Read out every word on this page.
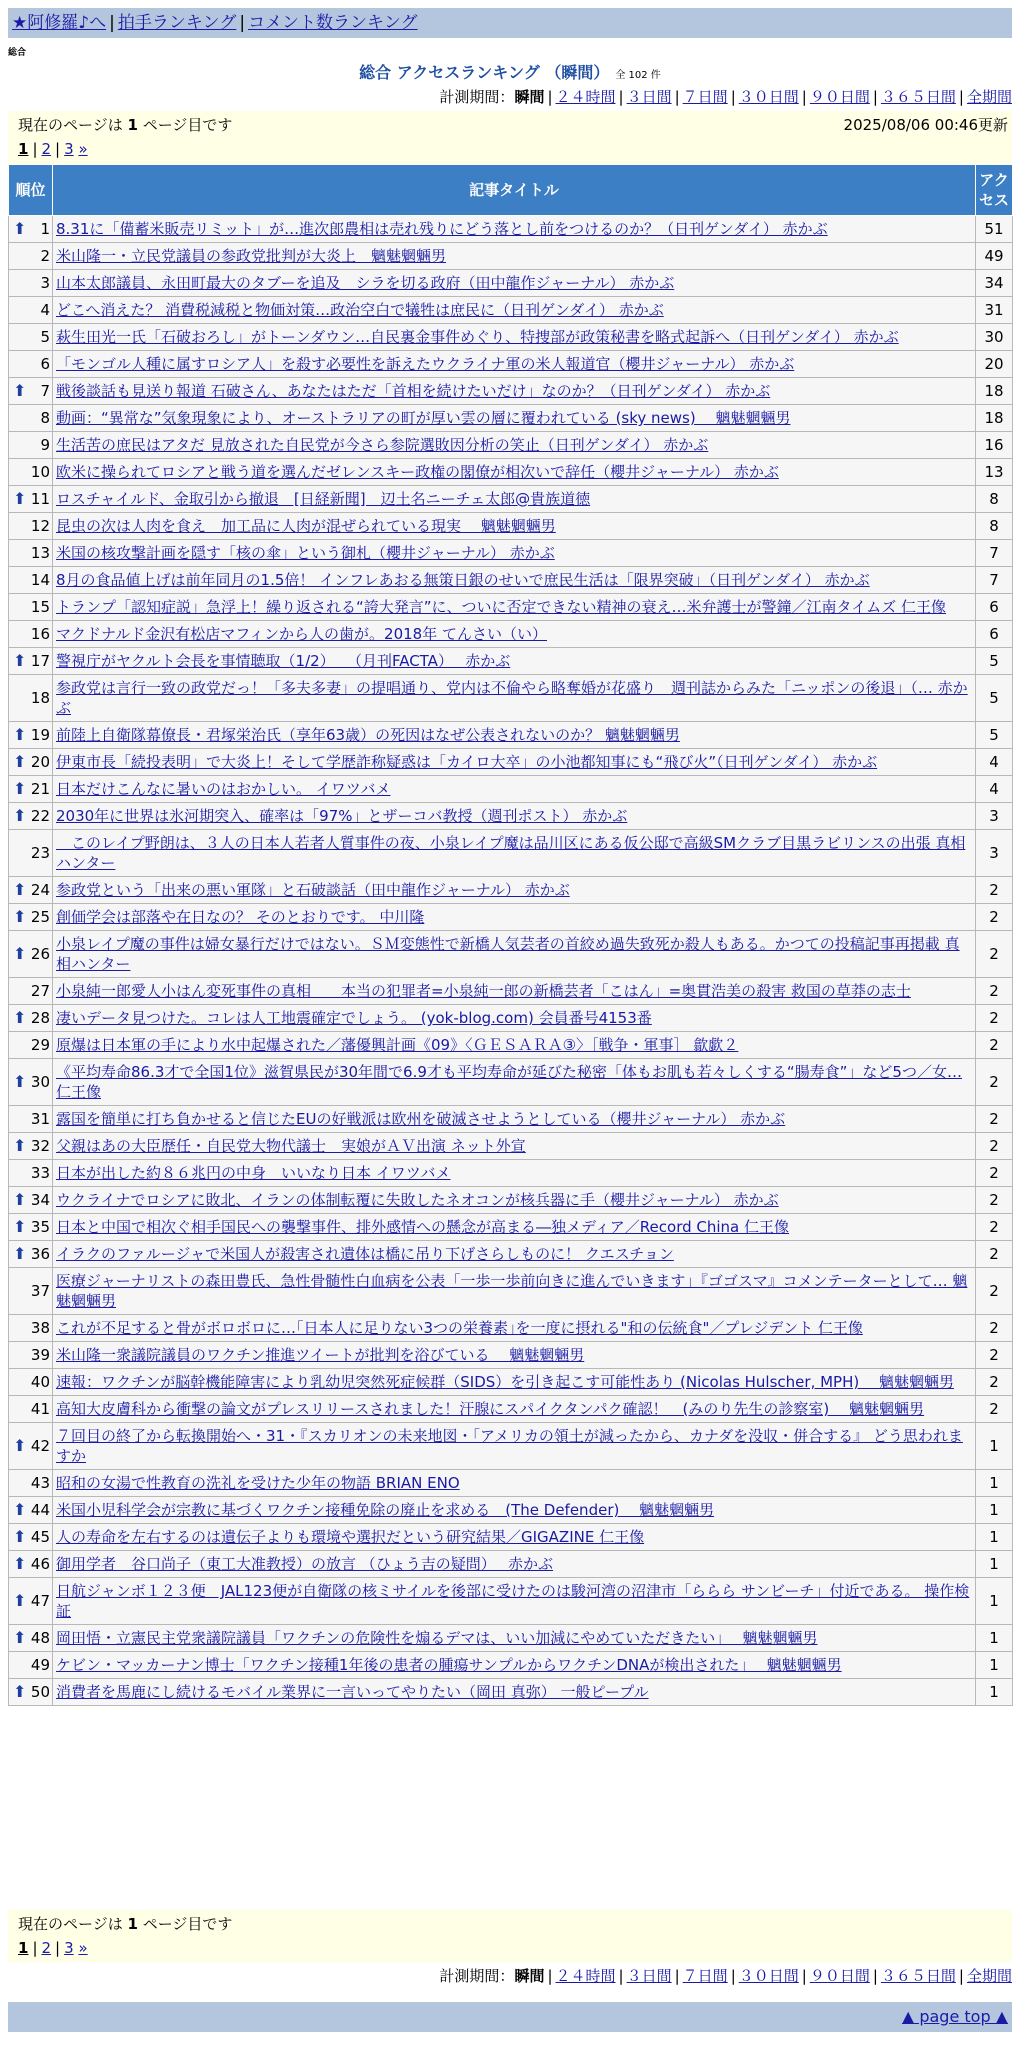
★阿修羅♪へ | 拍手ランキング | コメント数ランキング
総合
総合 アクセスランキング （瞬間） 全 102 件
計測期間：瞬間 | ２４時間 | ３日間 | ７日間 | ３０日間 | ９０日間 | ３６５日間 | 全期間
現在のページは 1 ページ目です	2025/08/06 00:46更新
1 | 2 | 3 »
順位	記事タイトル	アクセス

⬆ 1	8.31に「備蓄米販売リミット」が…進次郎農相は売れ残りにどう落とし前をつけるのか？（日刊ゲンダイ） 赤かぶ	51
2	米山隆一・立民党議員の参政党批判が大炎上　魑魅魍魎男	49
3	山本太郎議員、永田町最大のタブーを追及　シラを切る政府（田中龍作ジャーナル） 赤かぶ	34
4	どこへ消えた？ 消費税減税と物価対策…政治空白で犠牲は庶民に（日刊ゲンダイ） 赤かぶ	31
5	萩生田光一氏「石破おろし」がトーンダウン…自民裏金事件めぐり、特捜部が政策秘書を略式起訴へ（日刊ゲンダイ） 赤かぶ	30
6	「モンゴル人種に属すロシア人」を殺す必要性を訴えたウクライナ軍の米人報道官（櫻井ジャーナル） 赤かぶ	20

⬆ 7	戦後談話も見送り報道 石破さん、あなたはただ「首相を続けたいだけ」なのか？（日刊ゲンダイ） 赤かぶ	18
8	動画：“異常な”気象現象により、オーストラリアの町が厚い雲の層に覆われている (sky news)　 魑魅魍魎男	18
9	生活苦の庶民はアタだ 見放された自民党が今さら参院選敗因分析の笑止（日刊ゲンダイ） 赤かぶ	16
10	欧米に操られてロシアと戦う道を選んだゼレンスキー政権の閣僚が相次いで辞任（櫻井ジャーナル） 赤かぶ	13

⬆ 11	ロスチャイルド、金取引から撤退　[日経新聞]　辺土名ニーチェ太郎@貴族道徳	8
12	昆虫の次は人肉を食え　加工品に人肉が混ぜられている現実　 魑魅魍魎男	8
13	米国の核攻撃計画を隠す「核の傘」という御札（櫻井ジャーナル） 赤かぶ	7
14	8月の食品値上げは前年同月の1.5倍！ インフレあおる無策日銀のせいで庶民生活は「限界突破」（日刊ゲンダイ） 赤かぶ	7
15	トランプ「認知症説」急浮上！繰り返される“誇大発言”に、ついに否定できない精神の衰え…米弁護士が警鐘／江南タイムズ 仁王像	6
16	マクドナルド金沢有松店マフィンから人の歯が。2018年 てんさい（い）	6

⬆ 17	警視庁がヤクルト会長を事情聴取（1/2）　 （月刊FACTA）　 赤かぶ	5
18	参政党は言行一致の政党だっ！「多夫多妻」の提唱通り、党内は不倫やら略奪婚が花盛り　週刊誌からみた「ニッポンの後退」（… 赤かぶ	5

⬆ 19	前陸上自衛隊幕僚長・君塚栄治氏（享年63歳）の死因はなぜ公表されないのか？ 魑魅魍魎男	5

⬆ 20	伊東市長「続投表明」で大炎上！そして学歴詐称疑惑は「カイロ大卒」の小池都知事にも“飛び火”（日刊ゲンダイ） 赤かぶ	4

⬆ 21	日本だけこんなに暑いのはおかしい。 イワツバメ	4

⬆ 22	2030年に世界は氷河期突入、確率は「97%」とザーコバ教授（週刊ポスト） 赤かぶ	3
23	　このレイプ野朗は、３人の日本人若者人質事件の夜、小泉レイプ魔は品川区にある仮公邸で高級SMクラブ目黒ラビリンスの出張 真相ハンター	3

⬆ 24	参政党という「出来の悪い軍隊」と石破談話（田中龍作ジャーナル） 赤かぶ	2

⬆ 25	創価学会は部落や在日なの？ そのとおりです。 中川隆	2

⬆ 26	小泉レイプ魔の事件は婦女暴行だけではない。ＳＭ変態性で新橋人気芸者の首絞め過失致死か殺人もある。かつての投稿記事再掲載 真相ハンター	2
27	小泉純一郎愛人小はん変死事件の真相　　本当の犯罪者=小泉純一郎の新橋芸者「こはん」=奥貫浩美の殺害 救国の草莽の志士	2

⬆ 28	凄いデータ見つけた。コレは人工地震確定でしょう。 (yok-blog.com) 会員番号4153番	2
29	原爆は日本軍の手により水中起爆された／藩優興計画《09》〈ＧＥＳＡＲＡ③〉［戦争・軍事］ 歙歔２	2

⬆ 30	《平均寿命86.3才で全国1位》滋賀県民が30年間で6.9才も平均寿命が延びた秘密「体もお肌も若々しくする“腸寿食”」など5つ／女… 仁王像	2
31	露国を簡単に打ち負かせると信じたEUの好戦派は欧州を破滅させようとしている（櫻井ジャーナル） 赤かぶ	2

⬆ 32	父親はあの大臣歴任・自民党大物代議士　実娘がＡＶ出演 ネット外宣	2
33	日本が出した約８６兆円の中身　いいなり日本 イワツバメ	2

⬆ 34	ウクライナでロシアに敗北、イランの体制転覆に失敗したネオコンが核兵器に手（櫻井ジャーナル） 赤かぶ	2

⬆ 35	日本と中国で相次ぐ相手国民への襲撃事件、排外感情への懸念が高まる―独メディア／Record China 仁王像	2

⬆ 36	イラクのファルージャで米国人が殺害され遺体は橋に吊り下げさらしものに！ クエスチョン	2
37	医療ジャーナリストの森田豊氏、急性骨髄性白血病を公表「一歩一歩前向きに進んでいきます」『ゴゴスマ』コメンテーターとして… 魑魅魍魎男	2
38	これが不足すると骨がボロボロに…｢日本人に足りない3つの栄養素｣を一度に摂れる"和の伝統食"／プレジデント 仁王像	2
39	米山隆一衆議院議員のワクチン推進ツイートが批判を浴びている　 魑魅魍魎男	2
40	速報：ワクチンが脳幹機能障害により乳幼児突然死症候群（SIDS）を引き起こす可能性あり (Nicolas Hulscher, MPH)　 魑魅魍魎男	2
41	高知大皮膚科から衝撃の論文がプレスリリースされました！汗腺にスパイクタンパク確認！　(みのり先生の診察室)　 魑魅魍魎男	2

⬆ 42	７回目の終了から転換開始へ・31・『スカリオンの未来地図・「アメリカの領土が減ったから、カナダを没収・併合する』 どう思われますか	1
43	昭和の女湯で性教育の洗礼を受けた少年の物語 BRIAN ENO	1

⬆ 44	米国小児科学会が宗教に基づくワクチン接種免除の廃止を求める　(The Defender)　 魑魅魍魎男	1

⬆ 45	人の寿命を左右するのは遺伝子よりも環境や選択だという研究結果／GIGAZINE 仁王像	1

⬆ 46	御用学者　谷口尚子（東工大准教授）の放言 （ひょう吉の疑問）　 赤かぶ	1

⬆ 47	日航ジャンボ１２３便　JAL123便が自衛隊の核ミサイルを後部に受けたのは駿河湾の沼津市「ららら サンビーチ」付近である。 操作検証	1

⬆ 48	岡田悟・立憲民主党衆議院議員「ワクチンの危険性を煽るデマは、いい加減にやめていただきたい」　 魑魅魍魎男	1
49	ケビン・マッカーナン博士「ワクチン接種1年後の患者の腫瘍サンプルからワクチンDNAが検出された」　 魑魅魍魎男	1

⬆ 50	消費者を馬鹿にし続けるモバイル業界に一言いってやりたい（岡田 真弥） 一般ピープル	1
現在のページは 1 ページ目です
1 | 2 | 3 »
計測期間：瞬間 | ２４時間 | ３日間 | ７日間 | ３０日間 | ９０日間 | ３６５日間 | 全期間
▲ page top ▲
